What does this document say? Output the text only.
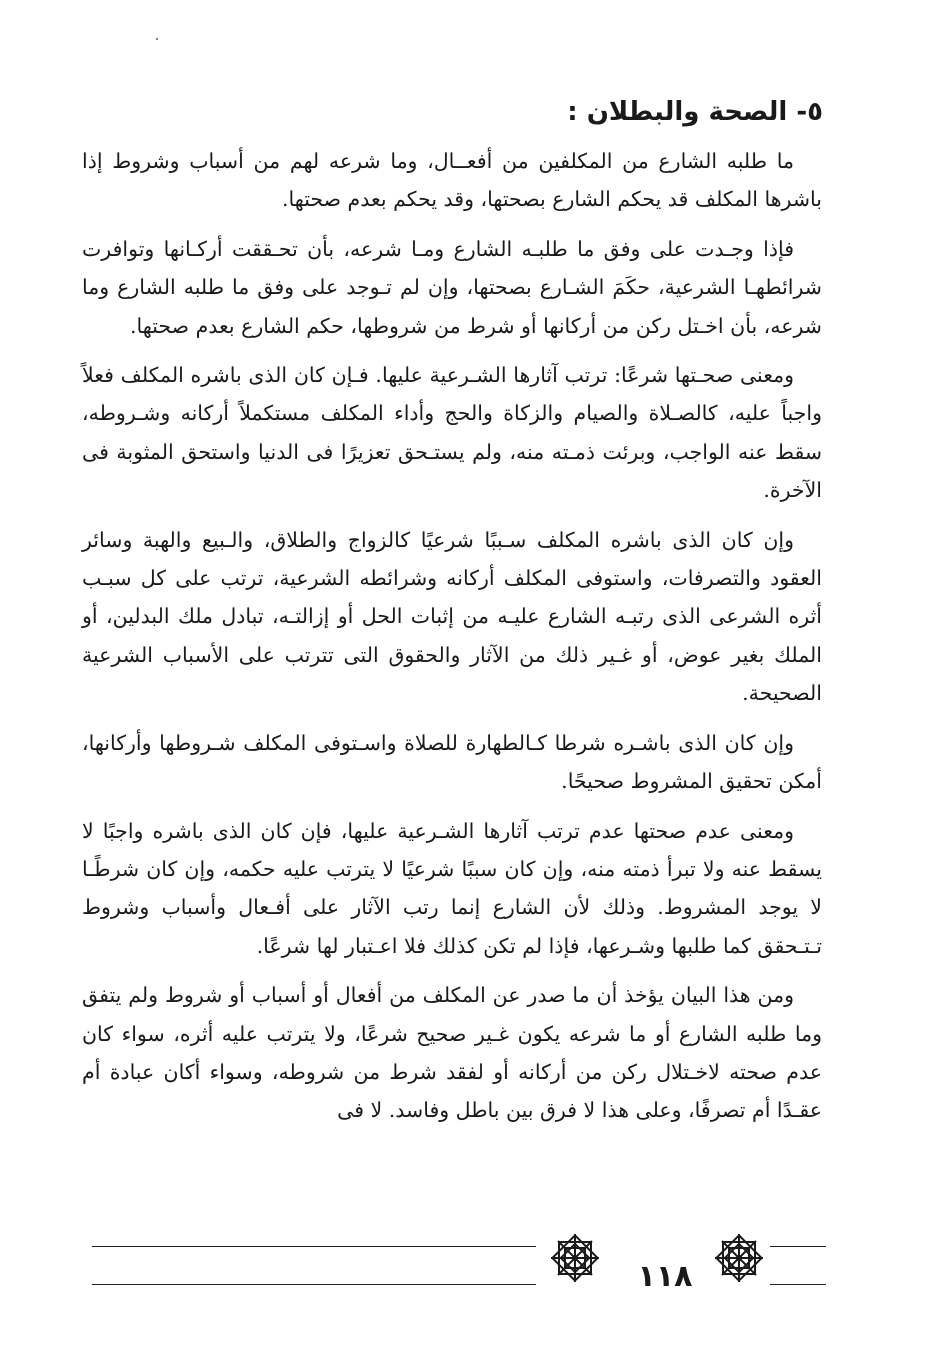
٥- الصحة والبطلان :

ما طلبه الشارع من المكلفين من أفعــال، وما شرعه لهم من أسباب وشروط إذا باشرها المكلف قد يحكم الشارع بصحتها، وقد يحكم بعدم صحتها.

فإذا وجـدت على وفق ما طلبـه الشارع ومـا شرعه، بأن تحـققت أركـانها وتوافرت شرائطهـا الشرعية، حكَمَ الشـارع بصحتها، وإن لم تـوجد على وفق ما طلبه الشارع وما شرعه، بأن اخـتل ركن من أركانها أو شرط من شروطها، حكم الشارع بعدم صحتها.

ومعنى صحـتها شرعًا: ترتب آثارها الشـرعية عليها. فـإن كان الذى باشره المكلف فعلاً واجباً عليه، كالصـلاة والصيام والزكاة والحج وأداء المكلف مستكملاً أركانه وشـروطه، سقط عنه الواجب، وبرئت ذمـته منه، ولم يستـحق تعزيرًا فى الدنيا واستحق المثوبة فى الآخرة.

وإن كان الذى باشره المكلف سـببًا شرعيًا كالزواج والطلاق، والـبيع والهبة وسائر العقود والتصرفات، واستوفى المكلف أركانه وشرائطه الشرعية، ترتب على كل سبـب أثره الشرعى الذى رتبـه الشارع عليـه من إثبات الحل أو إزالتـه، تبادل ملك البدلين، أو الملك بغير عوض، أو غـير ذلك من الآثار والحقوق التى تترتب على الأسباب الشرعية الصحيحة.

وإن كان الذى باشـره شرطا كـالطهارة للصلاة واسـتوفى المكلف شـروطها وأركانها، أمكن تحقيق المشروط صحيحًا.

ومعنى عدم صحتها عدم ترتب آثارها الشـرعية عليها، فإن كان الذى باشره واجبًا لا يسقط عنه ولا تبرأ ذمته منه، وإن كان سببًا شرعيًا لا يترتب عليه حكمه، وإن كان شرطًـا لا يوجد المشروط. وذلك لأن الشارع إنما رتب الآثار على أفـعال وأسباب وشروط تـتـحقق كما طلبها وشـرعها، فإذا لم تكن كذلك فلا اعـتبار لها شرعًا.

ومن هذا البيان يؤخذ أن ما صدر عن المكلف من أفعال أو أسباب أو شروط ولم يتفق وما طلبه الشارع أو ما شرعه يكون غـير صحيح شرعًا، ولا يترتب عليه أثره، سواء كان عدم صحته لاخـتلال ركن من أركانه أو لفقد شرط من شروطه، وسواء أكان عبادة أم عقـدًا أم تصرفًا، وعلى هذا لا فرق بين باطل وفاسد. لا فى

١١٨
